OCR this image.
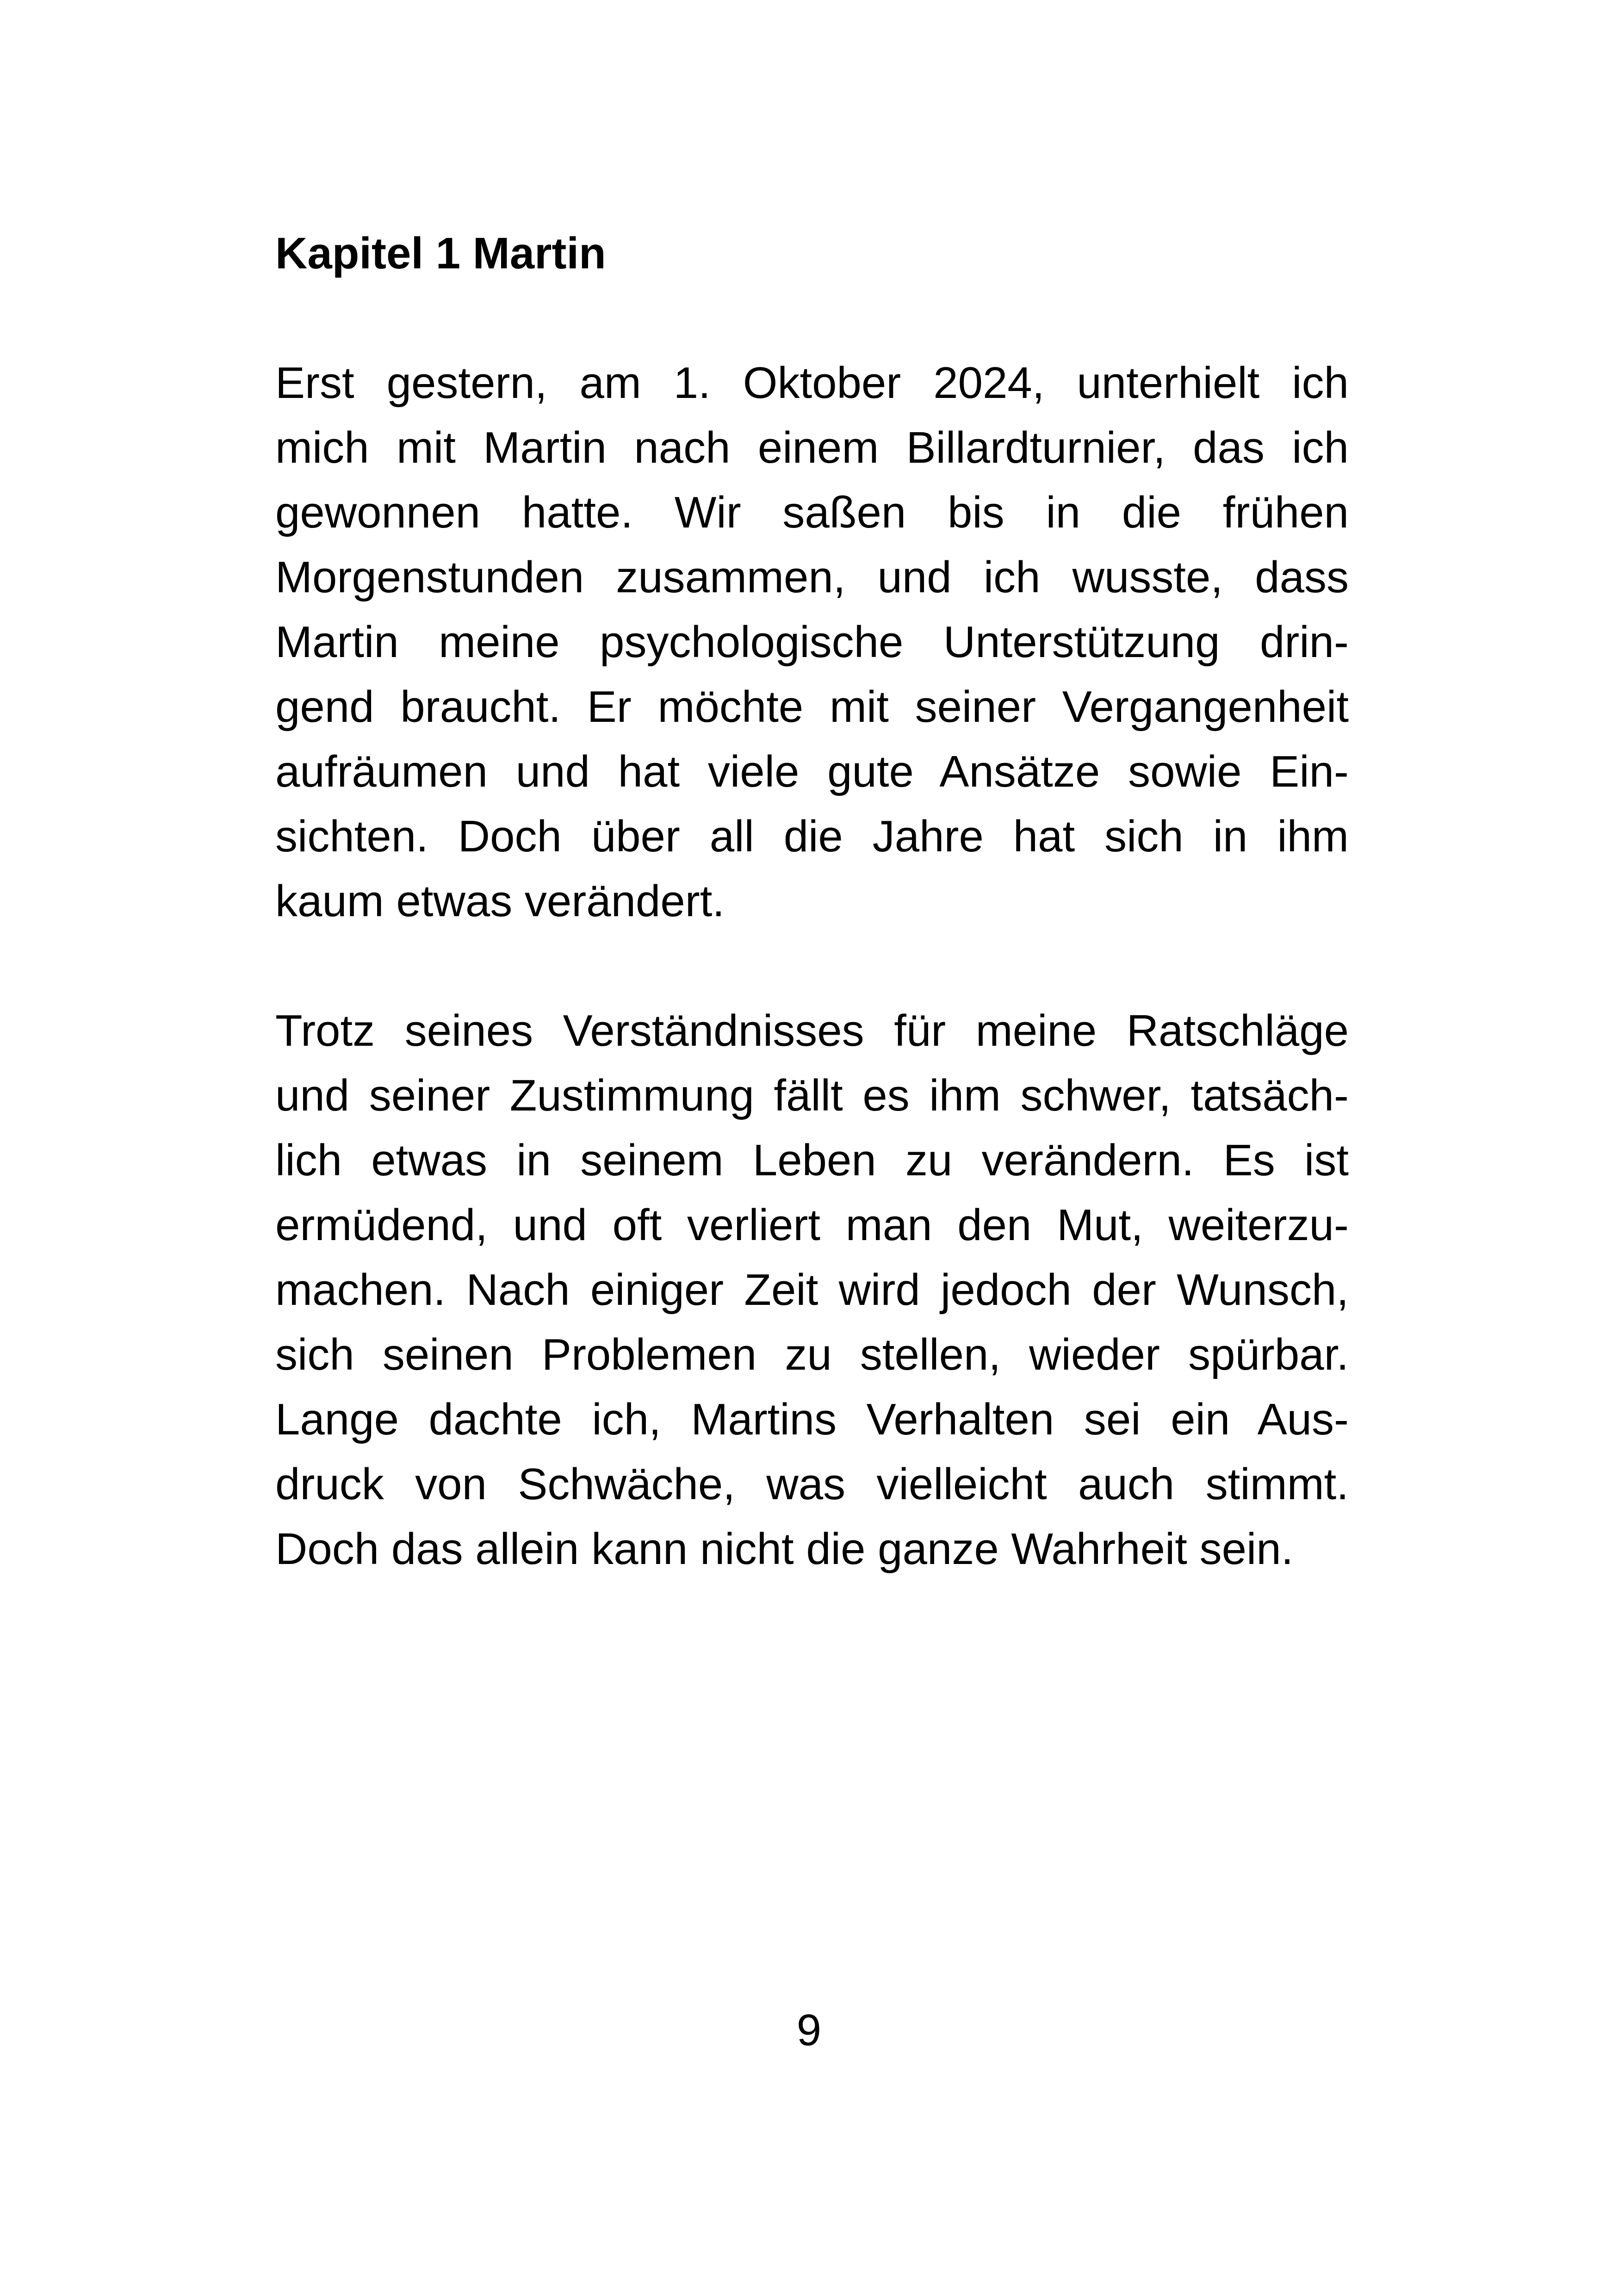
Kapitel 1 Martin

Erst gestern, am 1. Oktober 2024, unterhielt ich
mich mit Martin nach einem Billardturnier, das ich
gewonnen hatte. Wir saßen bis in die frühen
Morgenstunden zusammen, und ich wusste, dass
Martin meine psychologische Unterstützung drin-
gend braucht. Er möchte mit seiner Vergangenheit
aufräumen und hat viele gute Ansätze sowie Ein-
sichten. Doch über all die Jahre hat sich in ihm
kaum etwas verändert.

Trotz seines Verständnisses für meine Ratschläge
und seiner Zustimmung fällt es ihm schwer, tatsäch-
lich etwas in seinem Leben zu verändern. Es ist
ermüdend, und oft verliert man den Mut, weiterzu-
machen. Nach einiger Zeit wird jedoch der Wunsch,
sich seinen Problemen zu stellen, wieder spürbar.
Lange dachte ich, Martins Verhalten sei ein Aus-
druck von Schwäche, was vielleicht auch stimmt.
Doch das allein kann nicht die ganze Wahrheit sein.

9
